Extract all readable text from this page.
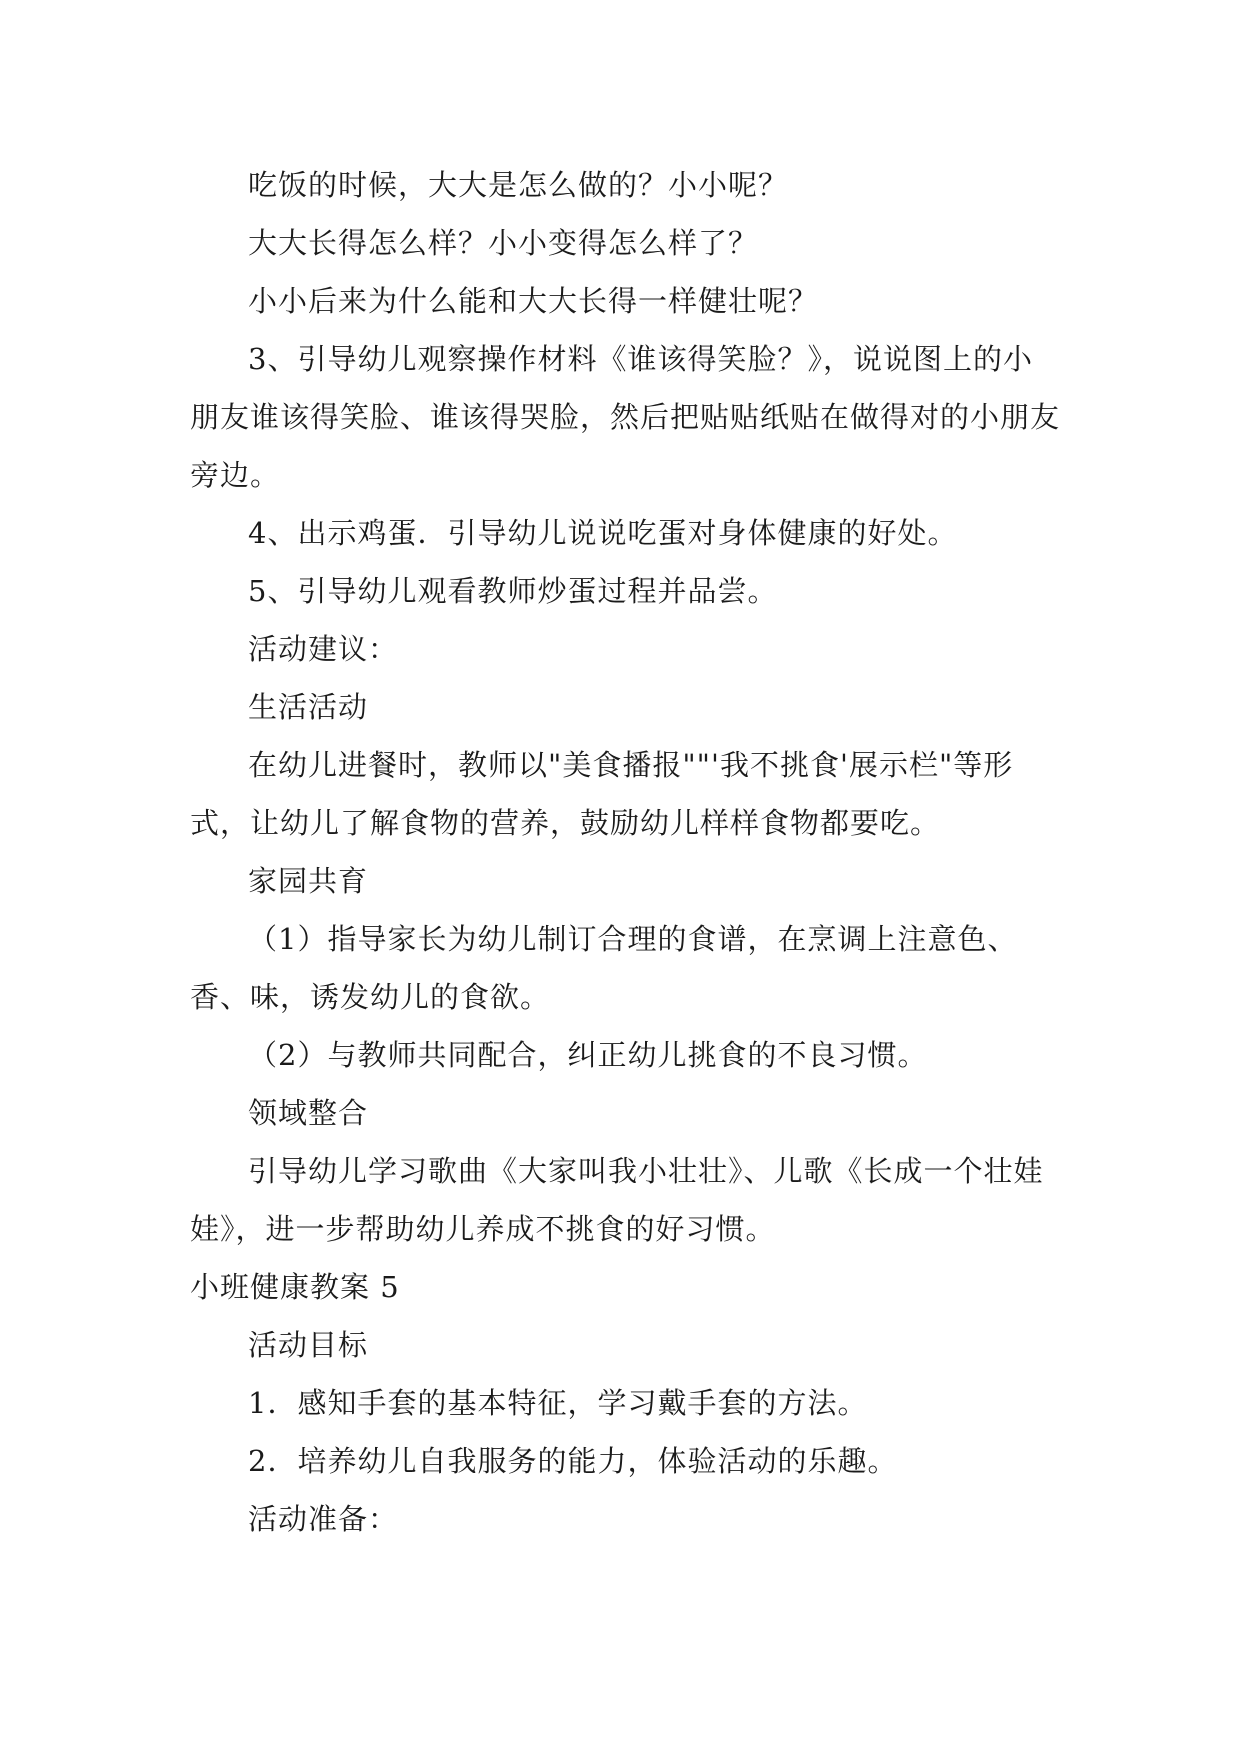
吃饭的时候，大大是怎么做的？小小呢？

大大长得怎么样？小小变得怎么样了？

小小后来为什么能和大大长得一样健壮呢？

3、引导幼儿观察操作材料《谁该得笑脸？》，说说图上的小朋友谁该得笑脸、谁该得哭脸，然后把贴贴纸贴在做得对的小朋友旁边。

4、出示鸡蛋．引导幼儿说说吃蛋对身体健康的好处。

5、引导幼儿观看教师炒蛋过程并品尝。

活动建议：

生活活动

在幼儿进餐时，教师以"美食播报""'我不挑食'展示栏"等形式，让幼儿了解食物的营养，鼓励幼儿样样食物都要吃。

家园共育

（1）指导家长为幼儿制订合理的食谱，在烹调上注意色、香、味，诱发幼儿的食欲。

（2）与教师共同配合，纠正幼儿挑食的不良习惯。

领域整合

引导幼儿学习歌曲《大家叫我小壮壮》、儿歌《长成一个壮娃娃》，进一步帮助幼儿养成不挑食的好习惯。

小班健康教案 5

活动目标

1．感知手套的基本特征，学习戴手套的方法。

2．培养幼儿自我服务的能力，体验活动的乐趣。

活动准备：
